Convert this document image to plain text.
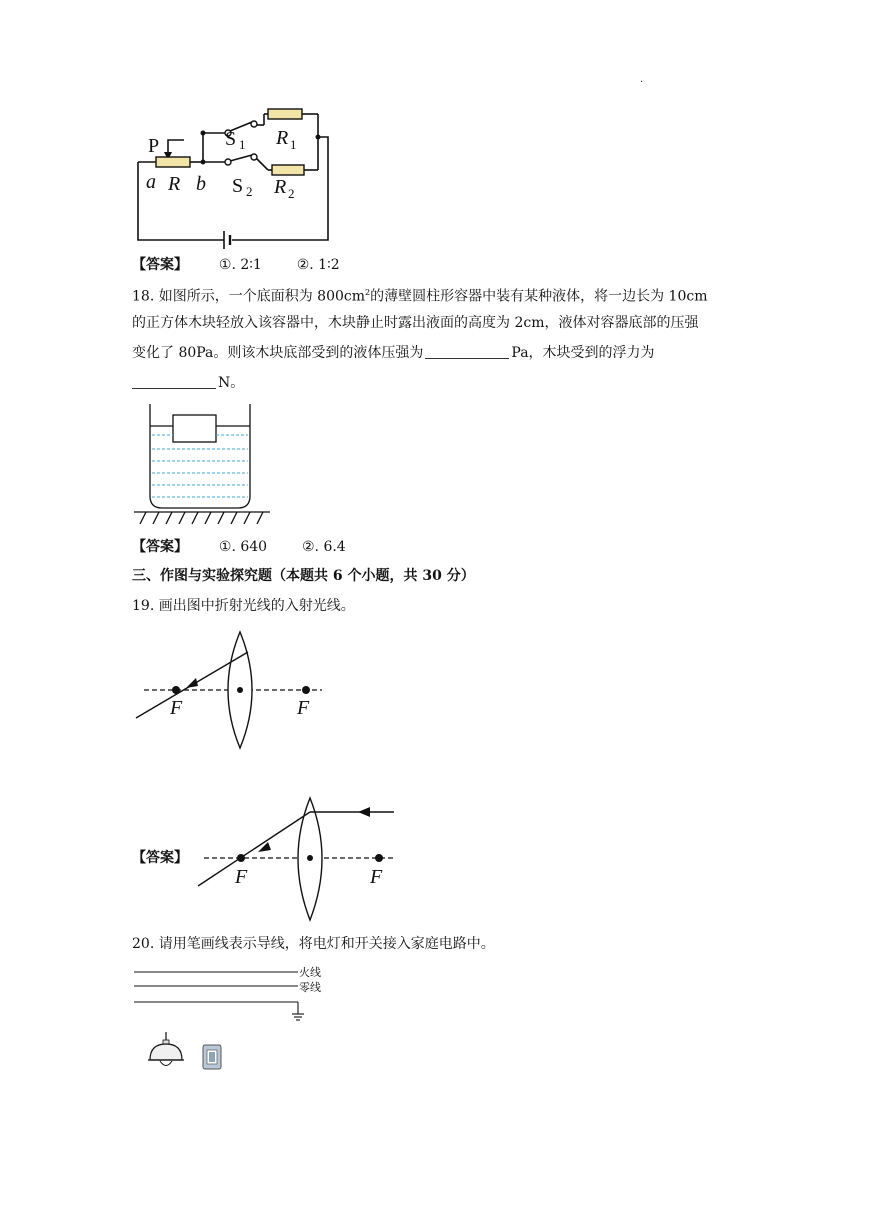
.
P
a R b
S 1 R 1
S 2 R 2
【答案】 ①. 2∶1 ②. 1∶2
18. 如图所示，一个底面积为 $800cm^2$的薄壁圆柱形容器中装有某种液体，将一边长为 10cm
的正方体木块轻放入该容器中，木块静止时露出液面的高度为 2cm，液体对容器底部的压强
变化了 80Pa。则该木块底部受到的液体压强为	Pa，木块受到的浮力为
N。
【答案】 ①. 640 ②. 6.4
三、作图与实验探究题（本题共 6 个小题，共 30 分）
19. 画出图中折射光线的入射光线。
F	F
【答案】
F	F
20. 请用笔画线表示导线，将电灯和开关接入家庭电路中。
火线
零线
